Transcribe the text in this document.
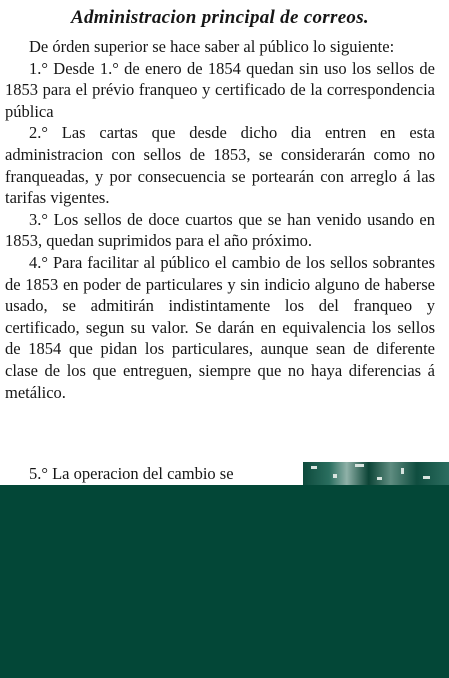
Administracion principal de correos.

De órden superior se hace saber al público lo siguiente:

1.° Desde 1.° de enero de 1854 quedan sin uso los sellos de 1853 para el prévio franqueo y certificado de la correspondencia pública

2.° Las cartas que desde dicho dia entren en esta administracion con sellos de 1853, se considerarán como no franqueadas, y por consecuencia se portearán con arreglo á las tarifas vigentes.

3.° Los sellos de doce cuartos que se han venido usando en 1853, quedan suprimidos para el año próximo.

4.° Para facilitar al público el cambio de los sellos sobrantes de 1853 en poder de particulares y sin indicio alguno de haberse usado, se admitirán indistintamente los del franqueo y certificado, segun su valor. Se darán en equivalencia los sellos de 1854 que pidan los particulares, aunque sean de diferente clase de los que entreguen, siempre que no haya diferencias á metálico.

5.° La operacion del cambio se
